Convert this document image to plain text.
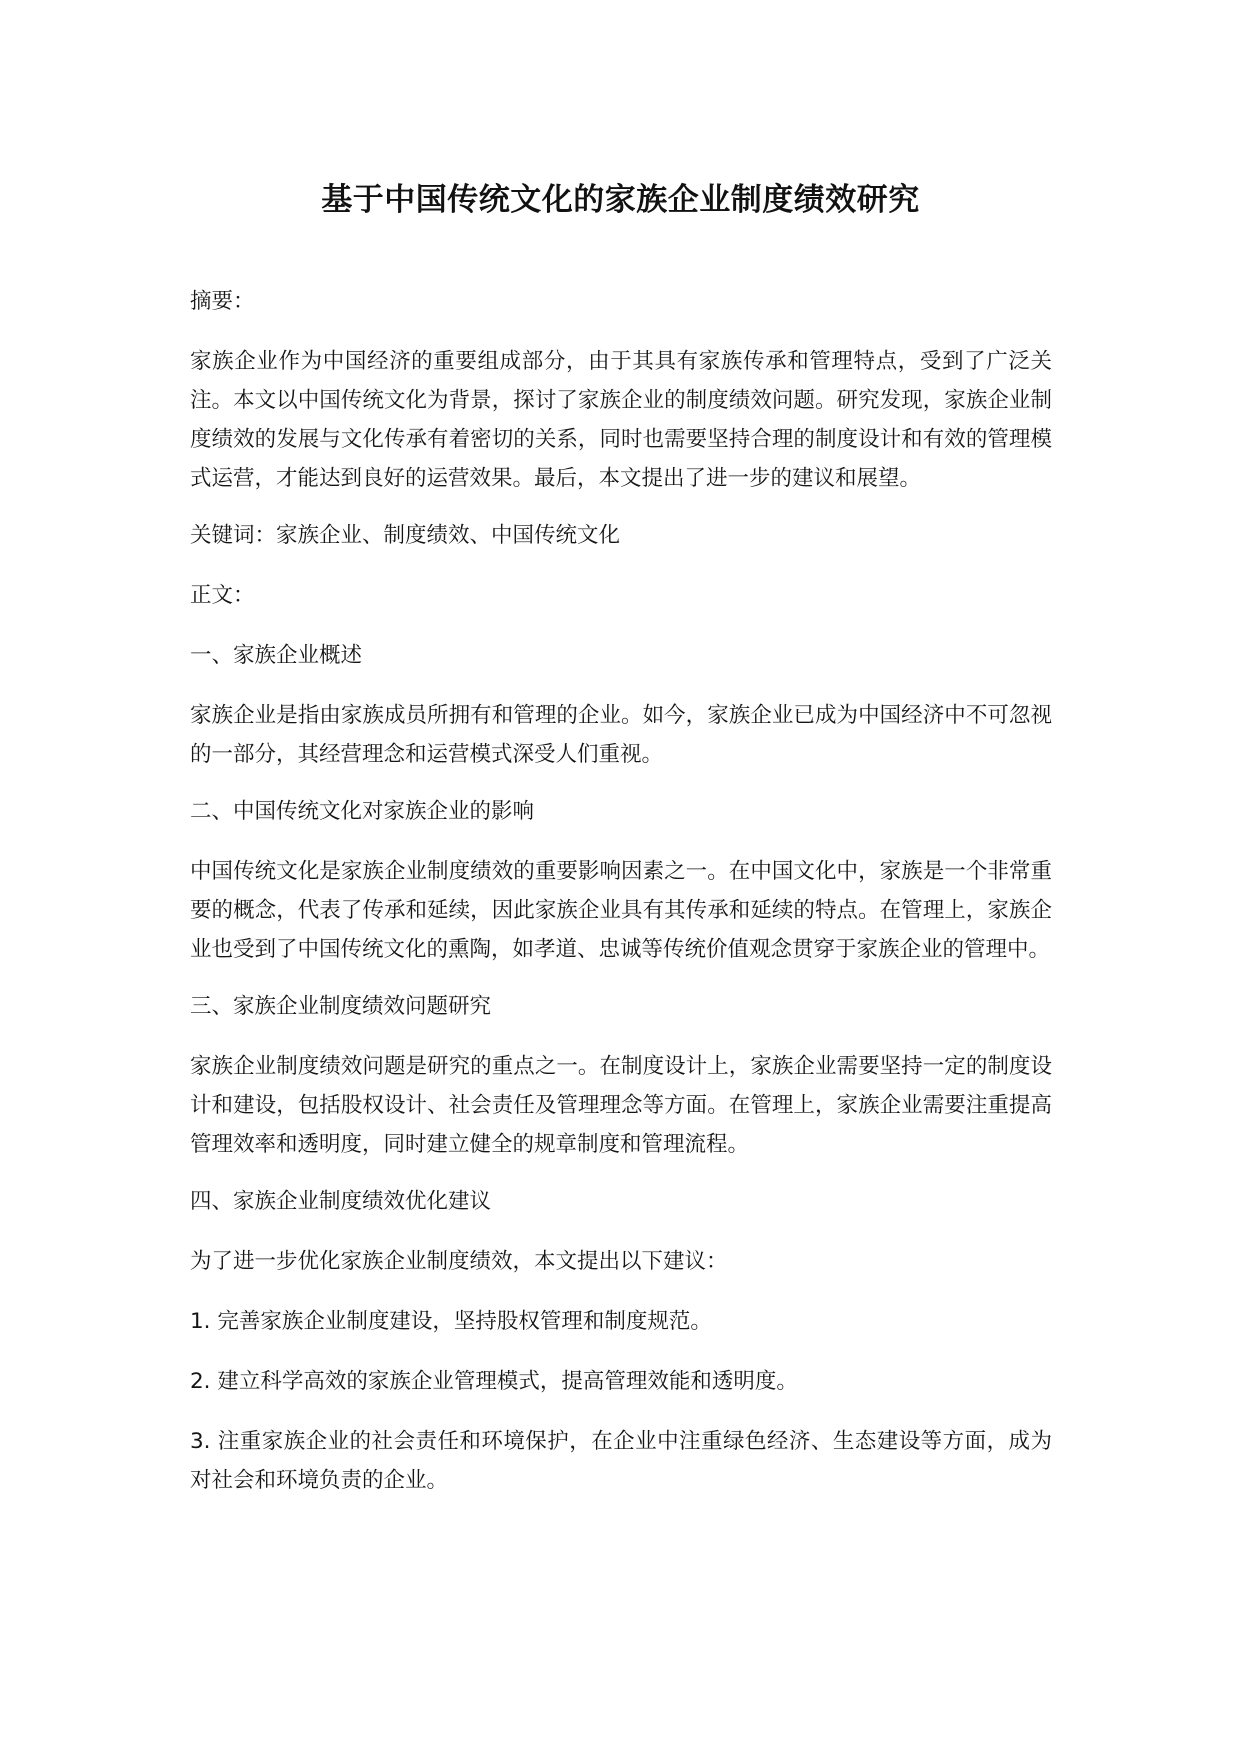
基于中国传统文化的家族企业制度绩效研究

摘要：

家族企业作为中国经济的重要组成部分，由于其具有家族传承和管理特点，受到了广泛关注。本文以中国传统文化为背景，探讨了家族企业的制度绩效问题。研究发现，家族企业制度绩效的发展与文化传承有着密切的关系，同时也需要坚持合理的制度设计和有效的管理模式运营，才能达到良好的运营效果。最后，本文提出了进一步的建议和展望。

关键词：家族企业、制度绩效、中国传统文化

正文：

一、家族企业概述

家族企业是指由家族成员所拥有和管理的企业。如今，家族企业已成为中国经济中不可忽视的一部分，其经营理念和运营模式深受人们重视。

二、中国传统文化对家族企业的影响

中国传统文化是家族企业制度绩效的重要影响因素之一。在中国文化中，家族是一个非常重要的概念，代表了传承和延续，因此家族企业具有其传承和延续的特点。在管理上，家族企业也受到了中国传统文化的熏陶，如孝道、忠诚等传统价值观念贯穿于家族企业的管理中。

三、家族企业制度绩效问题研究

家族企业制度绩效问题是研究的重点之一。在制度设计上，家族企业需要坚持一定的制度设计和建设，包括股权设计、社会责任及管理理念等方面。在管理上，家族企业需要注重提高管理效率和透明度，同时建立健全的规章制度和管理流程。

四、家族企业制度绩效优化建议

为了进一步优化家族企业制度绩效，本文提出以下建议：

1. 完善家族企业制度建设，坚持股权管理和制度规范。

2. 建立科学高效的家族企业管理模式，提高管理效能和透明度。

3. 注重家族企业的社会责任和环境保护，在企业中注重绿色经济、生态建设等方面，成为对社会和环境负责的企业。
